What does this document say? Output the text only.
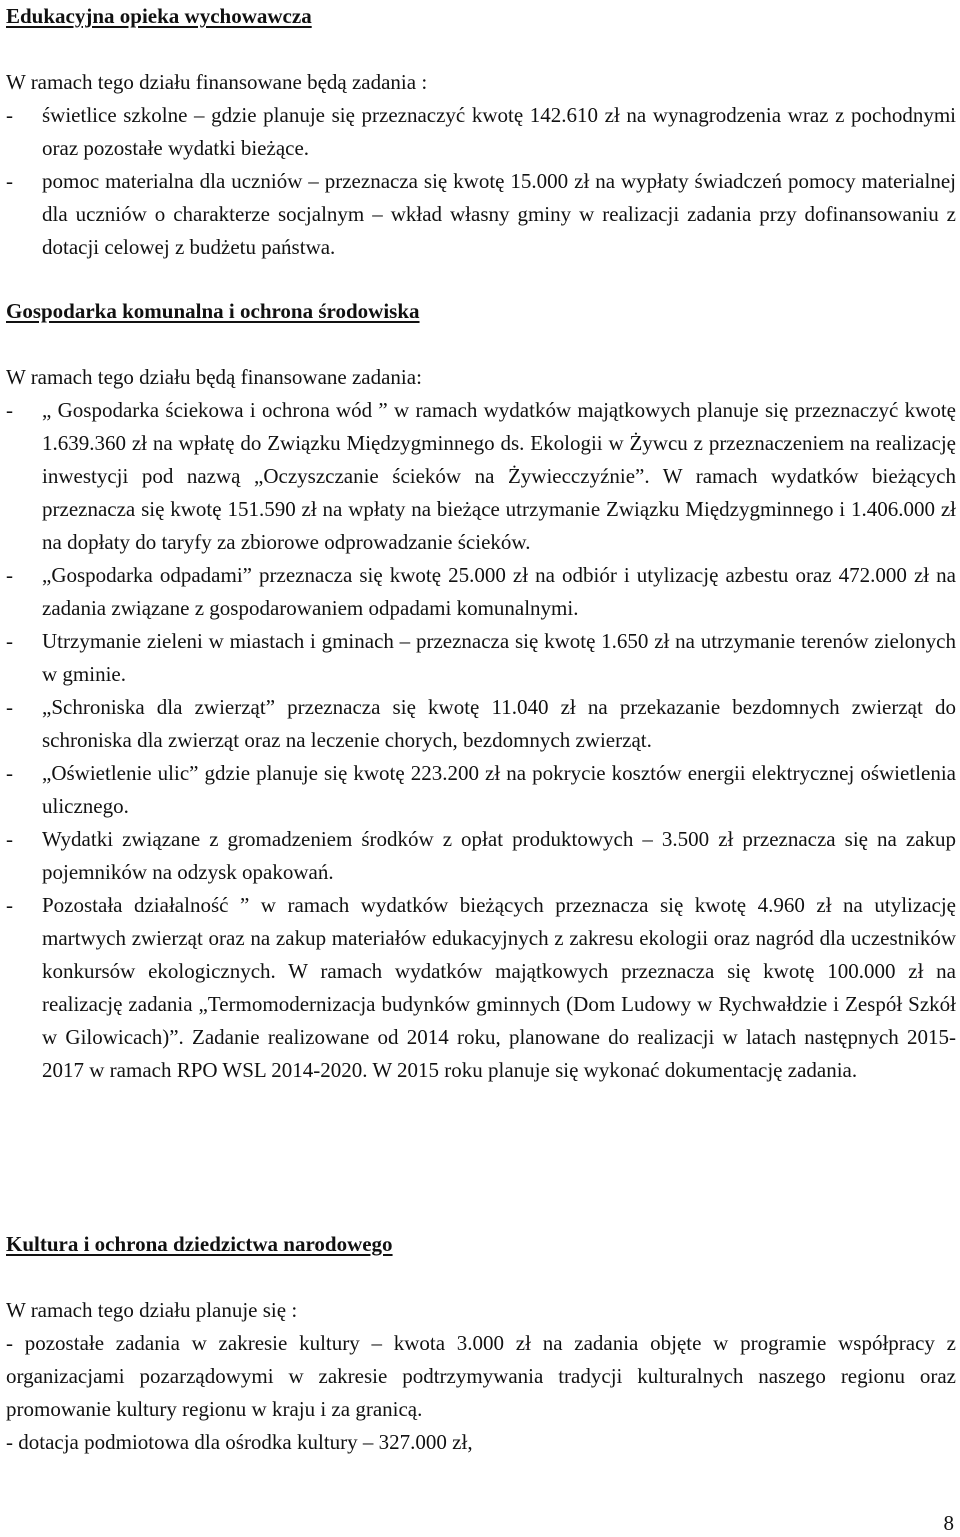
Edukacyjna opieka wychowawcza

W ramach tego działu finansowane będą zadania :

- świetlice szkolne – gdzie planuje się przeznaczyć kwotę 142.610 zł na wynagrodzenia wraz z pochodnymi oraz pozostałe wydatki bieżące.
- pomoc materialna dla uczniów – przeznacza się kwotę 15.000 zł na wypłaty świadczeń pomocy materialnej dla uczniów o charakterze socjalnym – wkład własny gminy w realizacji zadania przy dofinansowaniu z dotacji celowej z budżetu państwa.

Gospodarka komunalna i ochrona środowiska

W ramach tego działu będą finansowane zadania:

- „ Gospodarka ściekowa i ochrona wód ” w ramach wydatków majątkowych planuje się przeznaczyć kwotę 1.639.360 zł na wpłatę do Związku Międzygminnego ds. Ekologii w Żywcu z przeznaczeniem na realizację inwestycji pod nazwą „Oczyszczanie ścieków na Żywiecczyźnie”. W ramach wydatków bieżących przeznacza się kwotę 151.590 zł na wpłaty na bieżące utrzymanie Związku Międzygminnego i 1.406.000 zł na dopłaty do taryfy za zbiorowe odprowadzanie ścieków.
- „Gospodarka odpadami” przeznacza się kwotę 25.000 zł na odbiór i utylizację azbestu oraz 472.000 zł na zadania związane z gospodarowaniem odpadami komunalnymi.
- Utrzymanie zieleni w miastach i gminach – przeznacza się kwotę 1.650 zł na utrzymanie terenów zielonych w gminie.
- „Schroniska dla zwierząt” przeznacza się kwotę 11.040 zł na przekazanie bezdomnych zwierząt do schroniska dla zwierząt oraz na leczenie chorych, bezdomnych zwierząt.
- „Oświetlenie ulic” gdzie planuje się kwotę 223.200 zł na pokrycie kosztów energii elektrycznej oświetlenia ulicznego.
- Wydatki związane z gromadzeniem środków z opłat produktowych – 3.500 zł przeznacza się na zakup pojemników na odzysk opakowań.
- Pozostała działalność ” w ramach wydatków bieżących przeznacza się kwotę 4.960 zł na utylizację martwych zwierząt oraz na zakup materiałów edukacyjnych z zakresu ekologii oraz nagród dla uczestników konkursów ekologicznych. W ramach wydatków majątkowych przeznacza się kwotę 100.000 zł na realizację zadania „Termomodernizacja budynków gminnych (Dom Ludowy w Rychwałdzie i Zespół Szkół w Gilowicach)”. Zadanie realizowane od 2014 roku, planowane do realizacji w latach następnych 2015-2017 w ramach RPO WSL 2014-2020. W 2015 roku planuje się wykonać dokumentację zadania.

Kultura i ochrona dziedzictwa narodowego

W ramach tego działu planuje się :

- pozostałe zadania w zakresie kultury – kwota 3.000 zł na zadania objęte w programie współpracy z organizacjami pozarządowymi w zakresie podtrzymywania tradycji kulturalnych naszego regionu oraz promowanie kultury regionu w kraju i za granicą.

- dotacja podmiotowa dla ośrodka kultury – 327.000 zł,

8
